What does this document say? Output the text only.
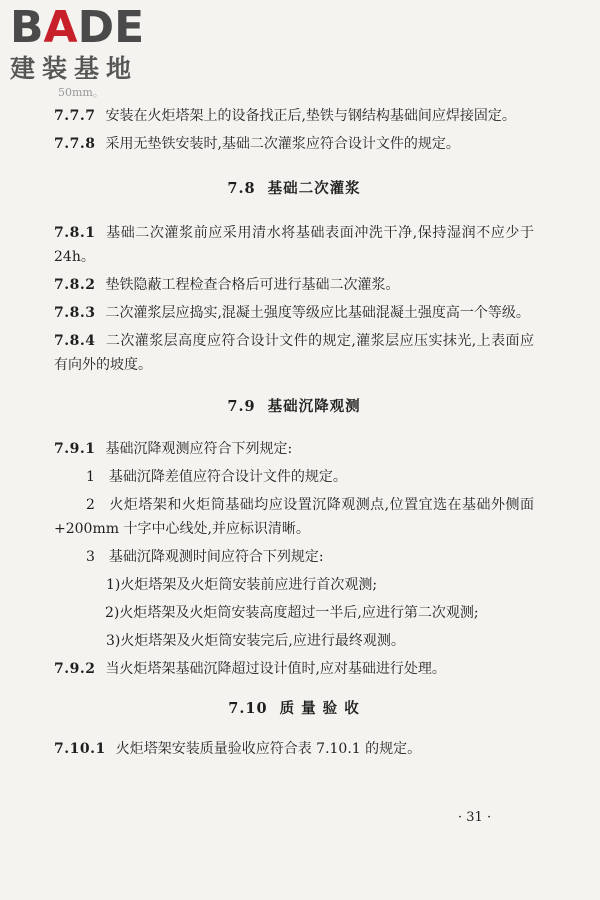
BADE
建装基地
50mm。

7.7.7 安装在火炬塔架上的设备找正后,垫铁与钢结构基础间应焊接固定。

7.7.8 采用无垫铁安装时,基础二次灌浆应符合设计文件的规定。

7.8 基础二次灌浆

7.8.1 基础二次灌浆前应采用清水将基础表面冲洗干净,保持湿润不应少于 24h。

7.8.2 垫铁隐蔽工程检查合格后可进行基础二次灌浆。

7.8.3 二次灌浆层应捣实,混凝土强度等级应比基础混凝土强度高一个等级。

7.8.4 二次灌浆层高度应符合设计文件的规定,灌浆层应压实抹光,上表面应有向外的坡度。

7.9 基础沉降观测

7.9.1 基础沉降观测应符合下列规定:

1 基础沉降差值应符合设计文件的规定。

2 火炬塔架和火炬筒基础均应设置沉降观测点,位置宜选在基础外侧面+200mm 十字中心线处,并应标识清晰。

3 基础沉降观测时间应符合下列规定:

1)火炬塔架及火炬筒安装前应进行首次观测;

2)火炬塔架及火炬筒安装高度超过一半后,应进行第二次观测;

3)火炬塔架及火炬筒安装完后,应进行最终观测。

7.9.2 当火炬塔架基础沉降超过设计值时,应对基础进行处理。

7.10 质 量 验 收

7.10.1 火炬塔架安装质量验收应符合表 7.10.1 的规定。

· 31 ·
